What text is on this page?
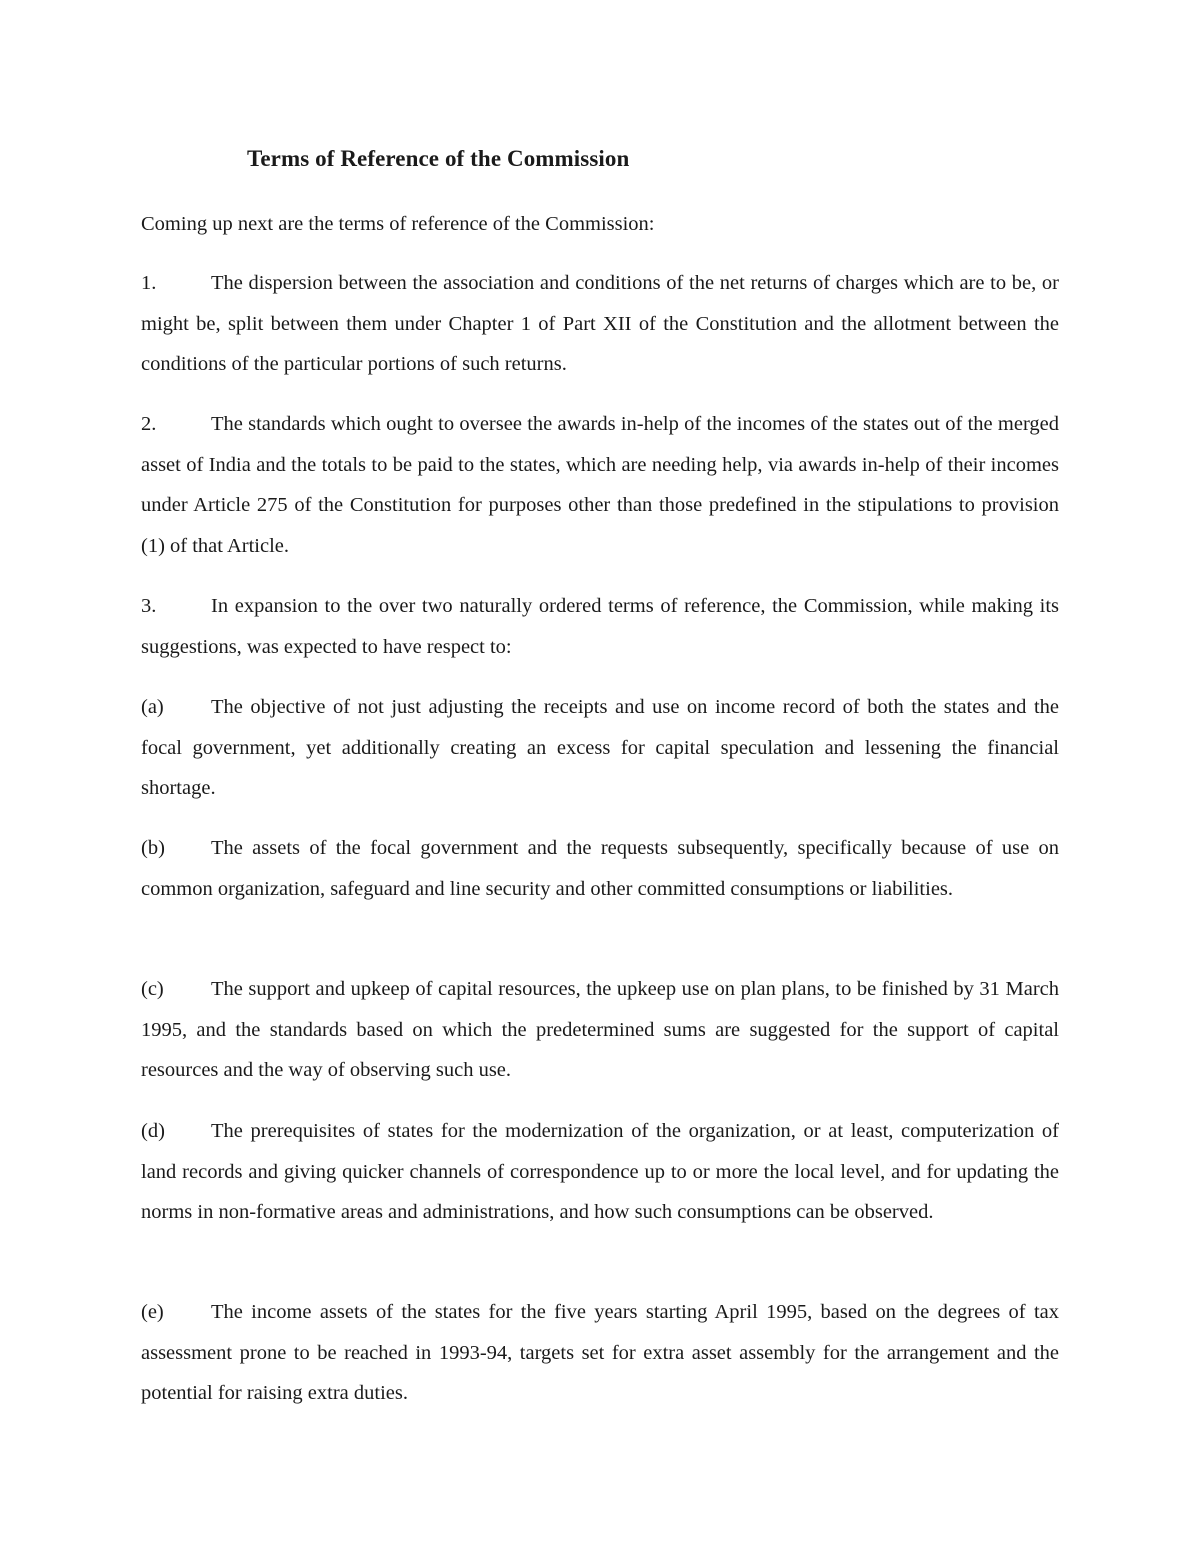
Terms of Reference of the Commission
Coming up next are the terms of reference of the Commission:
1.	The dispersion between the association and conditions of the net returns of charges which are to be, or might be, split between them under Chapter 1 of Part XII of the Constitution and the allotment between the conditions of the particular portions of such returns.
2.	The standards which ought to oversee the awards in-help of the incomes of the states out of the merged asset of India and the totals to be paid to the states, which are needing help, via awards in-help of their incomes under Article 275 of the Constitution for purposes other than those predefined in the stipulations to provision (1) of that Article.
3.	In expansion to the over two naturally ordered terms of reference, the Commission, while making its suggestions, was expected to have respect to:
(a) The objective of not just adjusting the receipts and use on income record of both the states and the focal government, yet additionally creating an excess for capital speculation and lessening the financial shortage.
(b) The assets of the focal government and the requests subsequently, specifically because of use on common organization, safeguard and line security and other committed consumptions or liabilities.
(c) The support and upkeep of capital resources, the upkeep use on plan plans, to be finished by 31 March 1995, and the standards based on which the predetermined sums are suggested for the support of capital resources and the way of observing such use.
(d) The prerequisites of states for the modernization of the organization, or at least, computerization of land records and giving quicker channels of correspondence up to or more the local level, and for updating the norms in non-formative areas and administrations, and how such consumptions can be observed.
(e) The income assets of the states for the five years starting April 1995, based on the degrees of tax assessment prone to be reached in 1993-94, targets set for extra asset assembly for the arrangement and the potential for raising extra duties.
